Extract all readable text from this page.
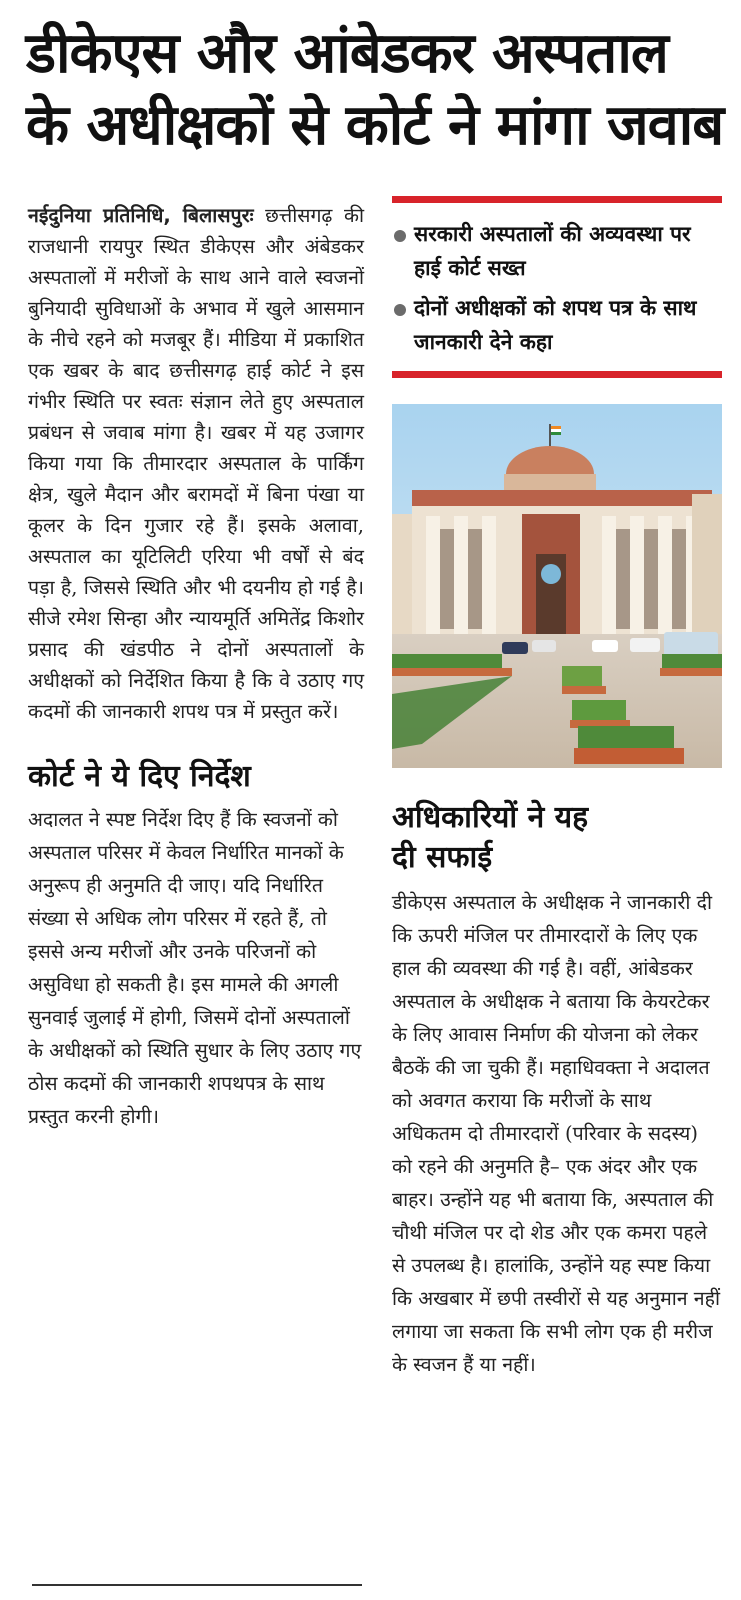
डीकेएस और आंबेडकर अस्पताल
के अधीक्षकों से कोर्ट ने मांगा जवाब

नईदुनिया प्रतिनिधि, बिलासपुरः छत्तीसगढ़ की राजधानी रायपुर स्थित डीकेएस और अंबेडकर अस्पतालों में मरीजों के साथ आने वाले स्वजनों बुनियादी सुविधाओं के अभाव में खुले आसमान के नीचे रहने को मजबूर हैं। मीडिया में प्रकाशित एक खबर के बाद छत्तीसगढ़ हाई कोर्ट ने इस गंभीर स्थिति पर स्वतः संज्ञान लेते हुए अस्पताल प्रबंधन से जवाब मांगा है। खबर में यह उजागर किया गया कि तीमारदार अस्पताल के पार्किंग क्षेत्र, खुले मैदान और बरामदों में बिना पंखा या कूलर के दिन गुजार रहे हैं। इसके अलावा, अस्पताल का यूटिलिटी एरिया भी वर्षों से बंद पड़ा है, जिससे स्थिति और भी दयनीय हो गई है। सीजे रमेश सिन्हा और न्यायमूर्ति अमितेंद्र किशोर प्रसाद की खंडपीठ ने दोनों अस्पतालों के अधीक्षकों को निर्देशित किया है कि वे उठाए गए कदमों की जानकारी शपथ पत्र में प्रस्तुत करें।

कोर्ट ने ये दिए निर्देश

अदालत ने स्पष्ट निर्देश दिए हैं कि स्वजनों को अस्पताल परिसर में केवल निर्धारित मानकों के अनुरूप ही अनुमति दी जाए। यदि निर्धारित संख्या से अधिक लोग परिसर में रहते हैं, तो इससे अन्य मरीजों और उनके परिजनों को असुविधा हो सकती है। इस मामले की अगली सुनवाई जुलाई में होगी, जिसमें दोनों अस्पतालों के अधीक्षकों को स्थिति सुधार के लिए उठाए गए ठोस कदमों की जानकारी शपथपत्र के साथ प्रस्तुत करनी होगी।

सरकारी अस्पतालों की अव्यवस्था पर हाई कोर्ट सख्त
दोनों अधीक्षकों को शपथ पत्र के साथ जानकारी देने कहा
अधिकारियों ने यह
दी सफाई

डीकेएस अस्पताल के अधीक्षक ने जानकारी दी कि ऊपरी मंजिल पर तीमारदारों के लिए एक हाल की व्यवस्था की गई है। वहीं, आंबेडकर अस्पताल के अधीक्षक ने बताया कि केयरटेकर के लिए आवास निर्माण की योजना को लेकर बैठकें की जा चुकी हैं। महाधिवक्ता ने अदालत को अवगत कराया कि मरीजों के साथ अधिकतम दो तीमारदारों (परिवार के सदस्य) को रहने की अनुमति है– एक अंदर और एक बाहर। उन्होंने यह भी बताया कि, अस्पताल की चौथी मंजिल पर दो शेड और एक कमरा पहले से उपलब्ध है। हालांकि, उन्होंने यह स्पष्ट किया कि अखबार में छपी तस्वीरों से यह अनुमान नहीं लगाया जा सकता कि सभी लोग एक ही मरीज के स्वजन हैं या नहीं।
